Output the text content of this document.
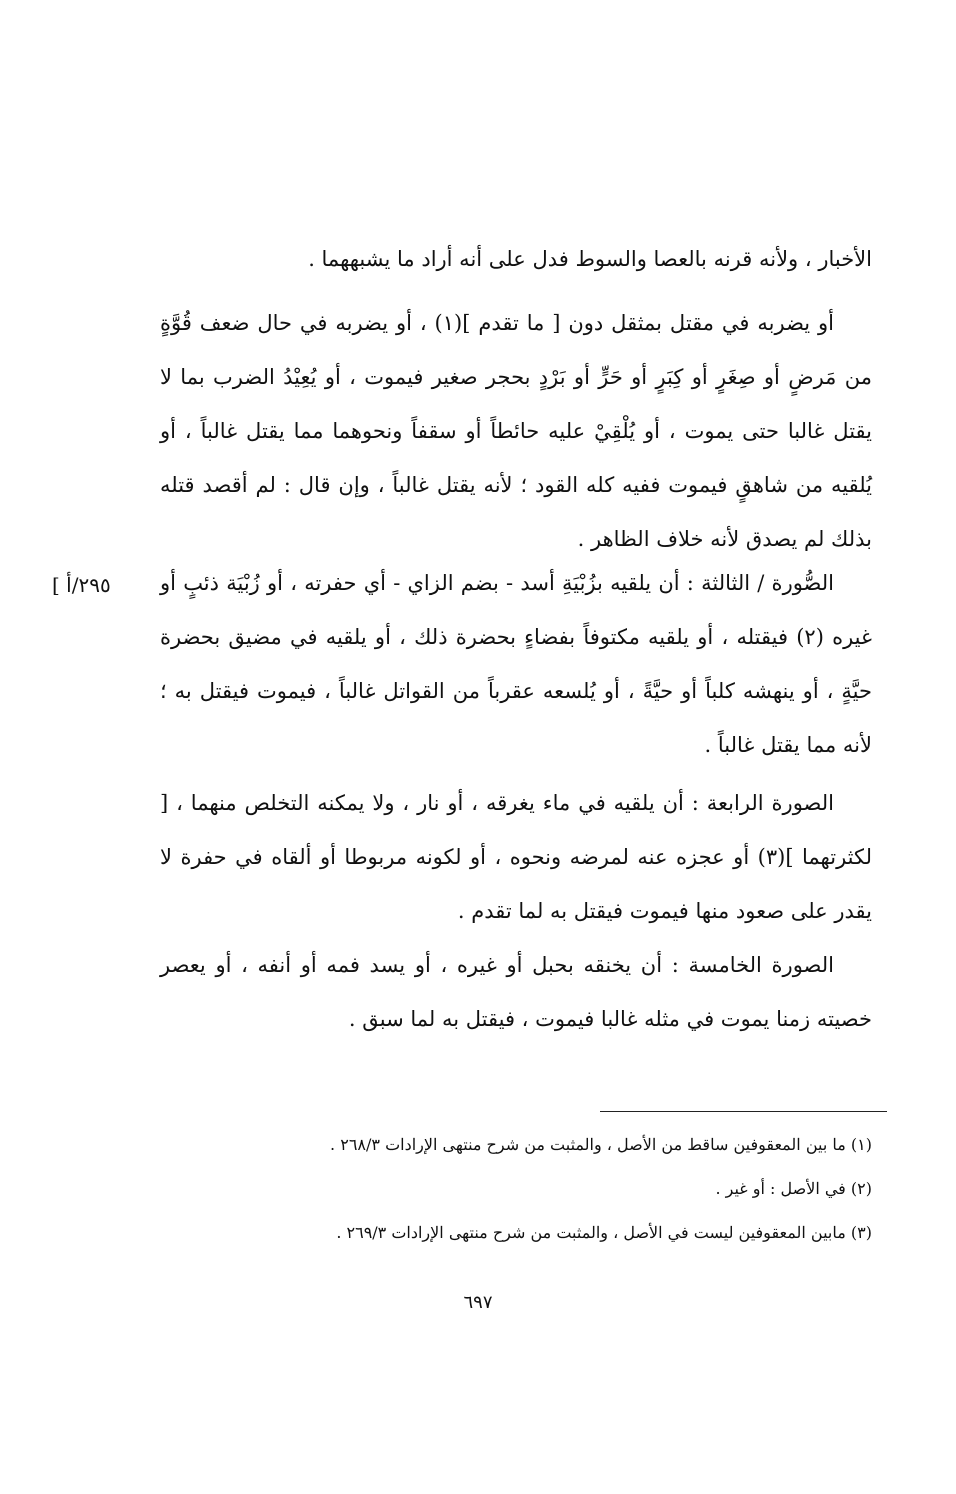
الأخبار ، ولأنه قرنه بالعصا والسوط فدل على أنه أراد ما يشبههما .

أو يضربه في مقتل بمثقل دون [ ما تقدم ](١) ، أو يضربه في حال ضعف قُوَّةٍ من مَرضٍ أو صِغَرٍ أو كِبَرٍ أو حَرٍّ أو بَرْدٍ بحجر صغير فيموت ، أو يُعِيْدُ الضرب بما لا يقتل غالبا حتى يموت ، أو يُلْقِيْ عليه حائطاً أو سقفاً ونحوهما مما يقتل غالباً ، أو يُلقيه من شاهقٍ فيموت ففيه كله القود ؛ لأنه يقتل غالباً ، وإن قال : لم أقصد قتله بذلك لم يصدق لأنه خلاف الظاهر .

الصُّورة / الثالثة : أن يلقيه بزُبْيَةِ أسد - بضم الزاي - أي حفرته ، أو زُبْيَة ذئبٍ أو غيره (٢) فيقتله ، أو يلقيه مكتوفاً بفضاءٍ بحضرة ذلك ، أو يلقيه في مضيق بحضرة حيَّةٍ ، أو ينهشه كلباً أو حيَّةً ، أو يُلسعه عقرباً من القواتل غالباً ، فيموت فيقتل به ؛ لأنه مما يقتل غالباً .

[ ٢٩٥/أ

الصورة الرابعة : أن يلقيه في ماء يغرقه ، أو نار ، ولا يمكنه التخلص منهما ، [ لكثرتهما ](٣) أو عجزه عنه لمرضه ونحوه ، أو لكونه مربوطا أو ألقاه في حفرة لا يقدر على صعود منها فيموت فيقتل به لما تقدم .

الصورة الخامسة : أن يخنقه بحبل أو غيره ، أو يسد فمه أو أنفه ، أو يعصر خصيته زمنا يموت في مثله غالبا فيموت ، فيقتل به لما سبق .

(١) ما بين المعقوفين ساقط من الأصل ، والمثبت من شرح منتهى الإرادات ٢٦٨/٣ .
(٢) في الأصل : أو غير .
(٣) مابين المعقوفين ليست في الأصل ، والمثبت من شرح منتهى الإرادات ٢٦٩/٣ .
٦٩٧
